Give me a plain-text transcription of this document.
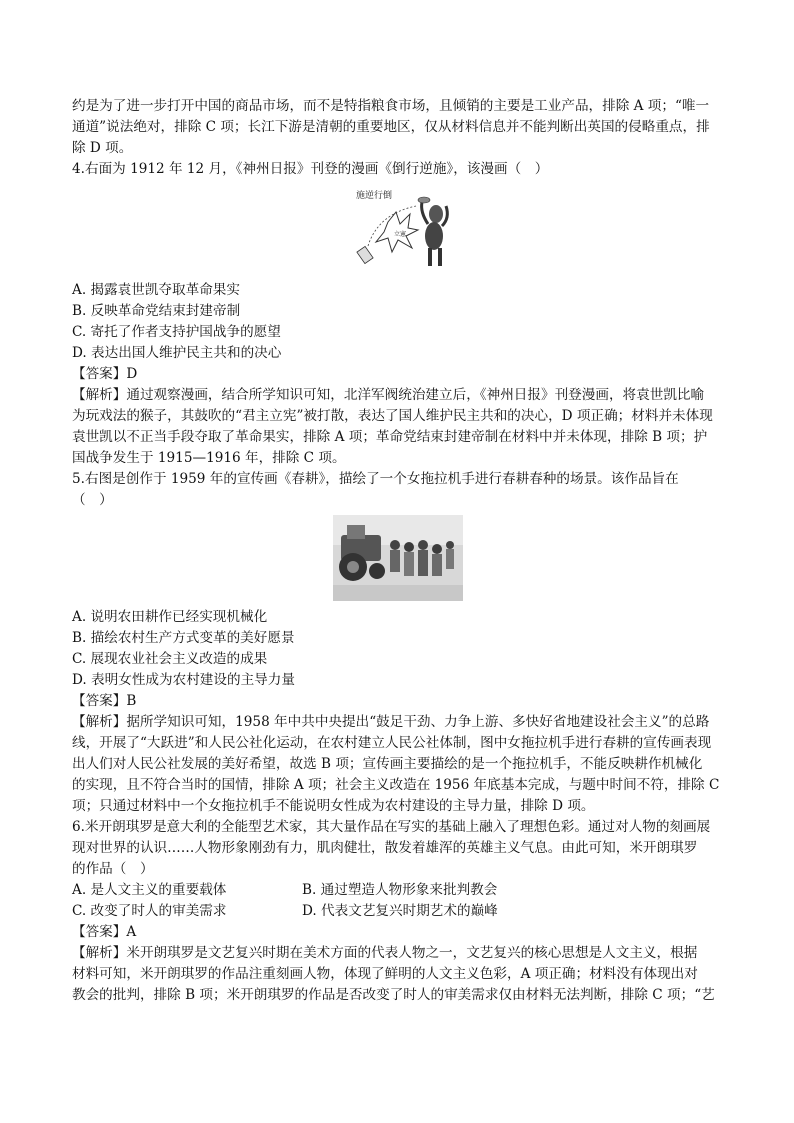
约是为了进一步打开中国的商品市场，而不是特指粮食市场，且倾销的主要是工业产品，排除 A 项；“唯一

通道”说法绝对，排除 C 项；长江下游是清朝的重要地区，仅从材料信息并不能判断出英国的侵略重点，排

除 D 项。

4.右面为 1912 年 12 月，《神州日报》刊登的漫画《倒行逆施》，该漫画（　）

施逆行倒
立憲

A. 揭露袁世凯夺取革命果实

B. 反映革命党结束封建帝制

C. 寄托了作者支持护国战争的愿望

D. 表达出国人维护民主共和的决心

【答案】D

【解析】通过观察漫画，结合所学知识可知，北洋军阀统治建立后，《神州日报》刊登漫画，将袁世凯比喻

为玩戏法的猴子，其鼓吹的“君主立宪”被打散，表达了国人维护民主共和的决心，D 项正确；材料并未体现

袁世凯以不正当手段夺取了革命果实，排除 A 项；革命党结束封建帝制在材料中并未体现，排除 B 项；护

国战争发生于 1915—1916 年，排除 C 项。

5.右图是创作于 1959 年的宣传画《春耕》，描绘了一个女拖拉机手进行春耕春种的场景。该作品旨在

（　）

A. 说明农田耕作已经实现机械化

B. 描绘农村生产方式变革的美好愿景

C. 展现农业社会主义改造的成果

D. 表明女性成为农村建设的主导力量

【答案】B

【解析】据所学知识可知，1958 年中共中央提出“鼓足干劲、力争上游、多快好省地建设社会主义”的总路

线，开展了“大跃进”和人民公社化运动，在农村建立人民公社体制，图中女拖拉机手进行春耕的宣传画表现

出人们对人民公社发展的美好希望，故选 B 项；宣传画主要描绘的是一个拖拉机手，不能反映耕作机械化

的实现，且不符合当时的国情，排除 A 项；社会主义改造在 1956 年底基本完成，与题中时间不符，排除 C

项；只通过材料中一个女拖拉机手不能说明女性成为农村建设的主导力量，排除 D 项。

6.米开朗琪罗是意大利的全能型艺术家，其大量作品在写实的基础上融入了理想色彩。通过对人物的刻画展

现对世界的认识……人物形象刚劲有力，肌肉健壮，散发着雄浑的英雄主义气息。由此可知，米开朗琪罗

的作品（　）

A. 是人文主义的重要载体	B. 通过塑造人物形象来批判教会
C. 改变了时人的审美需求	D. 代表文艺复兴时期艺术的巅峰

【答案】A

【解析】米开朗琪罗是文艺复兴时期在美术方面的代表人物之一，文艺复兴的核心思想是人文主义，根据

材料可知，米开朗琪罗的作品注重刻画人物，体现了鲜明的人文主义色彩，A 项正确；材料没有体现出对

教会的批判，排除 B 项；米开朗琪罗的作品是否改变了时人的审美需求仅由材料无法判断，排除 C 项；“艺
